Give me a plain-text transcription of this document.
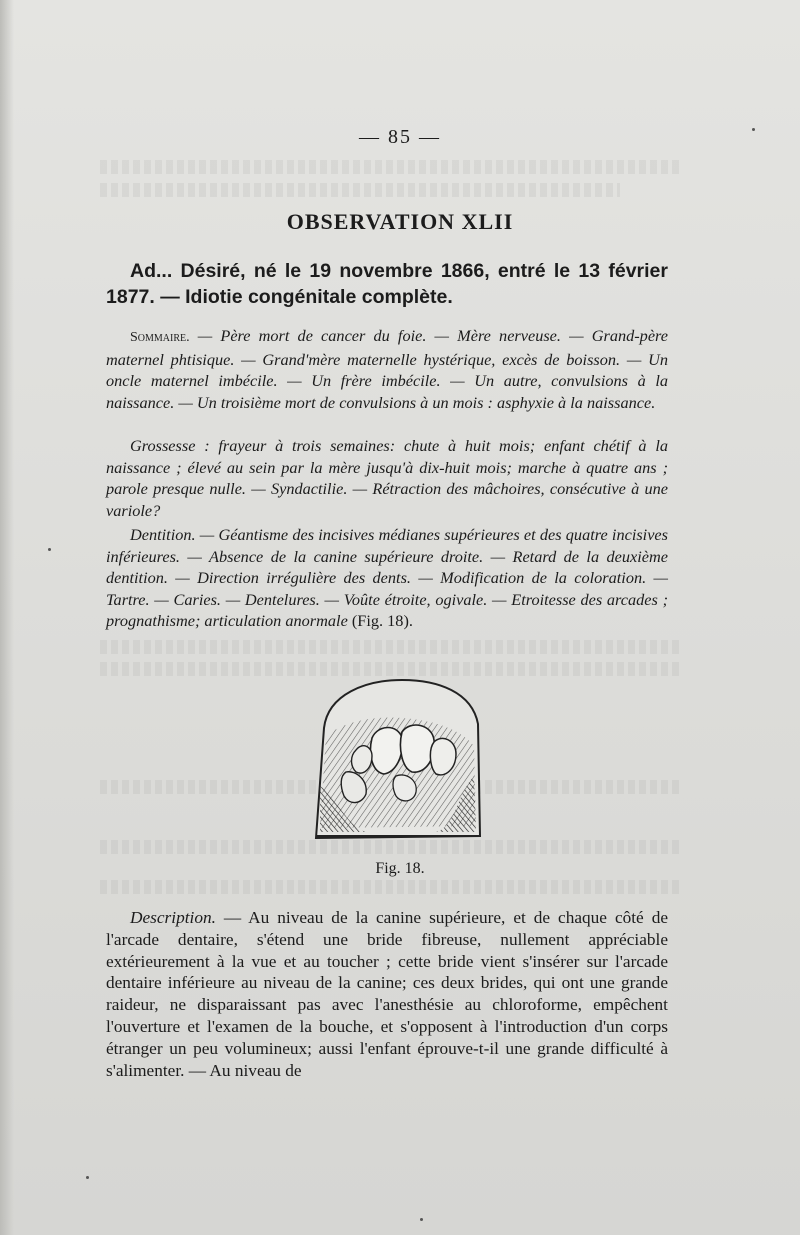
— 85 —
OBSERVATION XLII
Ad... Désiré, né le 19 novembre 1866, entré le 13 février 1877. — Idiotie congénitale complète.
Sommaire. — Père mort de cancer du foie. — Mère nerveuse. — Grand-père maternel phtisique. — Grand'mère maternelle hystérique, excès de boisson. — Un oncle maternel imbécile. — Un frère imbécile. — Un autre, convulsions à la naissance. — Un troisième mort de convulsions à un mois : asphyxie à la naissance.
Grossesse : frayeur à trois semaines: chute à huit mois; enfant chétif à la naissance ; élevé au sein par la mère jusqu'à dix-huit mois; marche à quatre ans ; parole presque nulle. — Syndactilie. — Rétraction des mâchoires, consécutive à une variole?
Dentition. — Géantisme des incisives médianes supérieures et des quatre incisives inférieures. — Absence de la canine supérieure droite. — Retard de la deuxième dentition. — Direction irrégulière des dents. — Modification de la coloration. — Tartre. — Caries. — Dentelures. — Voûte étroite, ogivale. — Etroitesse des arcades ; prognathisme; articulation anormale (Fig. 18).
Fig. 18.
Description. — Au niveau de la canine supérieure, et de chaque côté de l'arcade dentaire, s'étend une bride fibreuse, nullement appréciable extérieurement à la vue et au toucher ; cette bride vient s'insérer sur l'arcade dentaire inférieure au niveau de la canine; ces deux brides, qui ont une grande raideur, ne disparaissant pas avec l'anesthésie au chloroforme, empêchent l'ouverture et l'examen de la bouche, et s'opposent à l'introduction d'un corps étranger un peu volumineux; aussi l'enfant éprouve-t-il une grande difficulté à s'alimenter. — Au niveau de
